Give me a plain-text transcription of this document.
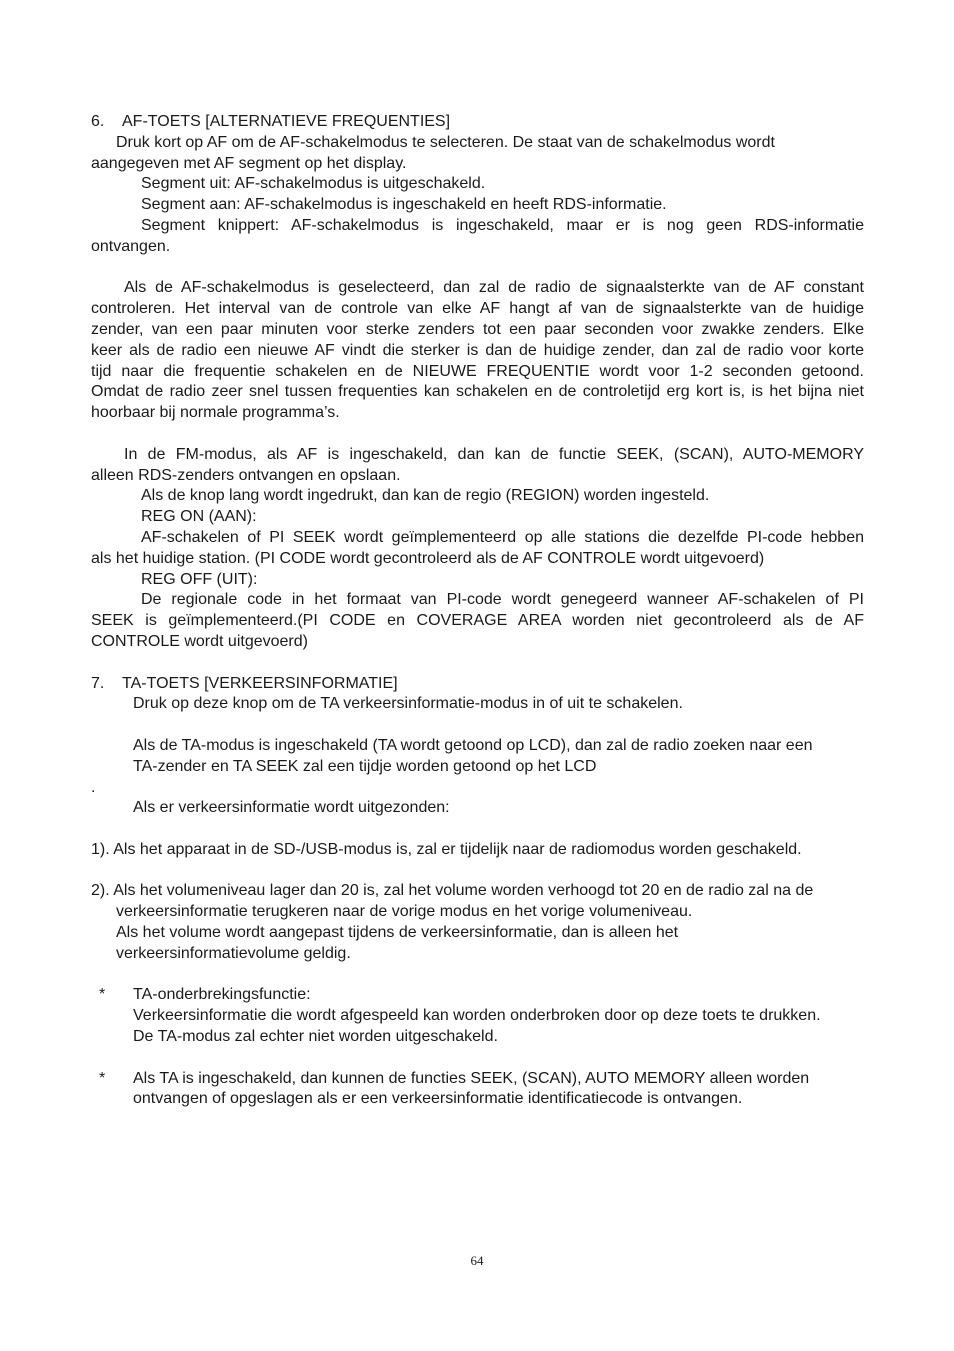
6. AF-TOETS [ALTERNATIEVE FREQUENTIES]
Druk kort op AF om de AF-schakelmodus te selecteren. De staat van de schakelmodus wordt
aangegeven met AF segment op het display.
Segment uit: AF-schakelmodus is uitgeschakeld.
Segment aan: AF-schakelmodus is ingeschakeld en heeft RDS-informatie.
Segment knippert: AF-schakelmodus is ingeschakeld, maar er is nog geen RDS-informatie
ontvangen.
Als de AF-schakelmodus is geselecteerd, dan zal de radio de signaalsterkte van de AF constant
controleren. Het interval van de controle van elke AF hangt af van de signaalsterkte van de huidige
zender, van een paar minuten voor sterke zenders tot een paar seconden voor zwakke zenders. Elke
keer als de radio een nieuwe AF vindt die sterker is dan de huidige zender, dan zal de radio voor korte
tijd naar die frequentie schakelen en de NIEUWE FREQUENTIE wordt voor 1-2 seconden getoond.
Omdat de radio zeer snel tussen frequenties kan schakelen en de controletijd erg kort is, is het bijna niet
hoorbaar bij normale programma’s.
In de FM-modus, als AF is ingeschakeld, dan kan de functie SEEK, (SCAN), AUTO-MEMORY
alleen RDS-zenders ontvangen en opslaan.
Als de knop lang wordt ingedrukt, dan kan de regio (REGION) worden ingesteld.
REG ON (AAN):
AF-schakelen of PI SEEK wordt geïmplementeerd op alle stations die dezelfde PI-code hebben
als het huidige station. (PI CODE wordt gecontroleerd als de AF CONTROLE wordt uitgevoerd)
REG OFF (UIT):
De regionale code in het formaat van PI-code wordt genegeerd wanneer AF-schakelen of PI
SEEK is geïmplementeerd.(PI CODE en COVERAGE AREA worden niet gecontroleerd als de AF
CONTROLE wordt uitgevoerd)
7. TA-TOETS [VERKEERSINFORMATIE]
Druk op deze knop om de TA verkeersinformatie-modus in of uit te schakelen.
Als de TA-modus is ingeschakeld (TA wordt getoond op LCD), dan zal de radio zoeken naar een
TA-zender en TA SEEK zal een tijdje worden getoond op het LCD
.
Als er verkeersinformatie wordt uitgezonden:
1). Als het apparaat in de SD-/USB-modus is, zal er tijdelijk naar de radiomodus worden geschakeld.
2). Als het volumeniveau lager dan 20 is, zal het volume worden verhoogd tot 20 en de radio zal na de
verkeersinformatie terugkeren naar de vorige modus en het vorige volumeniveau.
Als het volume wordt aangepast tijdens de verkeersinformatie, dan is alleen het
verkeersinformatievolume geldig.
* TA-onderbrekingsfunctie:
Verkeersinformatie die wordt afgespeeld kan worden onderbroken door op deze toets te drukken.
De TA-modus zal echter niet worden uitgeschakeld.
* Als TA is ingeschakeld, dan kunnen de functies SEEK, (SCAN), AUTO MEMORY alleen worden
ontvangen of opgeslagen als er een verkeersinformatie identificatiecode is ontvangen.
64
